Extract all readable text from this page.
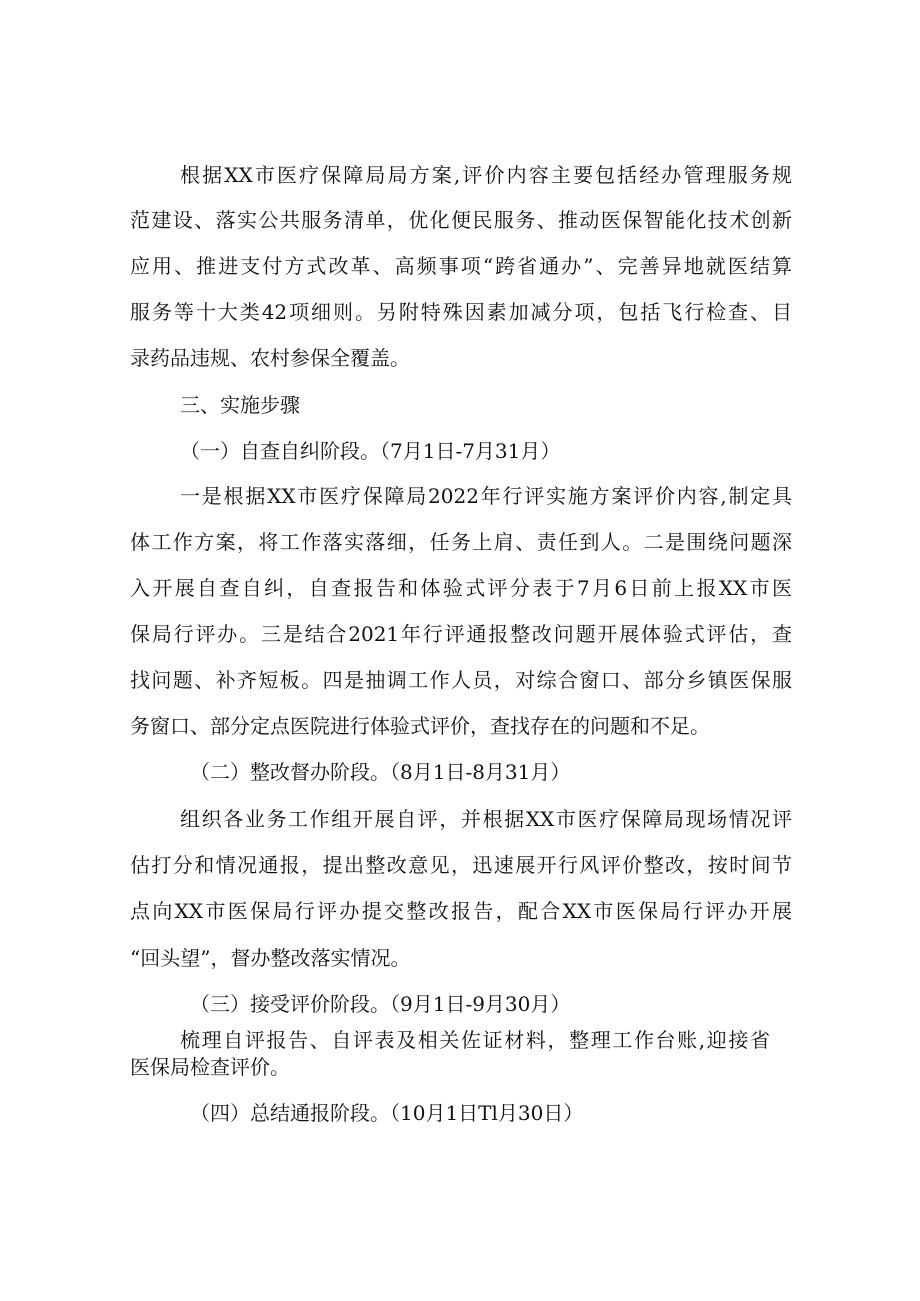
根据XX市医疗保障局局方案,评价内容主要包括经办管理服务规

范建设、落实公共服务清单，优化便民服务、推动医保智能化技术创新

应用、推进支付方式改革、高频事项“跨省通办”、完善异地就医结算

服务等十大类42项细则。另附特殊因素加减分项，包括飞行检查、目

录药品违规、农村参保全覆盖。

三、实施步骤

（一）自查自纠阶段。（7月1日-7月31月）

一是根据XX市医疗保障局2022年行评实施方案评价内容,制定具

体工作方案，将工作落实落细，任务上肩、责任到人。二是围绕问题深

入开展自查自纠，自查报告和体验式评分表于7月6日前上报XX市医

保局行评办。三是结合2021年行评通报整改问题开展体验式评估，查

找问题、补齐短板。四是抽调工作人员，对综合窗口、部分乡镇医保服

务窗口、部分定点医院进行体验式评价，查找存在的问题和不足。

（二）整改督办阶段。（8月1日-8月31月）

组织各业务工作组开展自评，并根据XX市医疗保障局现场情况评

估打分和情况通报，提出整改意见，迅速展开行风评价整改，按时间节

点向XX市医保局行评办提交整改报告，配合XX市医保局行评办开展

“回头望”，督办整改落实情况。

（三）接受评价阶段。（9月1日-9月30月）

梳理自评报告、自评表及相关佐证材料，整理工作台账,迎接省

医保局检查评价。

（四）总结通报阶段。（10月1日Tl月30日）
